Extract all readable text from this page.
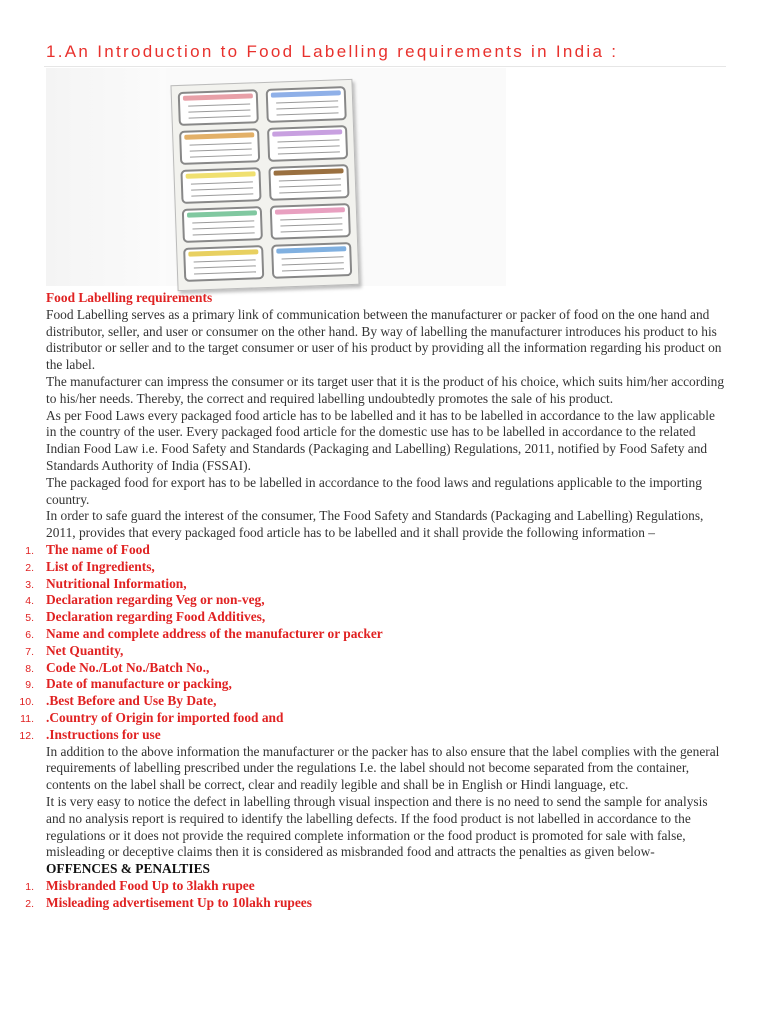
1.An Introduction to Food Labelling requirements in India :

Food Labelling requirements

Food Labelling serves as a primary link of communication between the manufacturer or packer of food on the one hand and distributor, seller, and user or consumer on the other hand. By way of labelling the manufacturer introduces his product to his distributor or seller and to the target consumer or user of his product by providing all the information regarding his product on the label.

The manufacturer can impress the consumer or its target user that it is the product of his choice, which suits him/her according to his/her needs. Thereby, the correct and required labelling undoubtedly promotes the sale of his product.

As per Food Laws every packaged food article has to be labelled and it has to be labelled in accordance to the law applicable in the country of the user. Every packaged food article for the domestic use has to be labelled in accordance to the related Indian Food Law i.e. Food Safety and Standards (Packaging and Labelling) Regulations, 2011, notified by Food Safety and Standards Authority of India (FSSAI).

The packaged food for export has to be labelled in accordance to the food laws and regulations applicable to the importing country.

In order to safe guard the interest of the consumer, The Food Safety and Standards (Packaging and Labelling) Regulations, 2011, provides that every packaged food article has to be labelled and it shall provide the following information –

1. The name of Food
2. List of Ingredients,
3. Nutritional Information,
4. Declaration regarding Veg or non-veg,
5. Declaration regarding Food Additives,
6. Name and complete address of the manufacturer or packer
7. Net Quantity,
8. Code No./Lot No./Batch No.,
9. Date of manufacture or packing,
10. .Best Before and Use By Date,
11. .Country of Origin for imported food and
12. .Instructions for use

In addition to the above information the manufacturer or the packer has to also ensure that the label complies with the general requirements of labelling prescribed under the regulations I.e. the label should not become separated from the container, contents on the label shall be correct, clear and readily legible and shall be in English or Hindi language, etc.

It is very easy to notice the defect in labelling through visual inspection and there is no need to send the sample for analysis and no analysis report is required to identify the labelling defects. If the food product is not labelled in accordance to the regulations or it does not provide the required complete information or the food product is promoted for sale with false, misleading or deceptive claims then it is considered as misbranded food and attracts the penalties as given below-

OFFENCES & PENALTIES

1. Misbranded Food Up to 3lakh rupee
2. Misleading advertisement Up to 10lakh rupees
